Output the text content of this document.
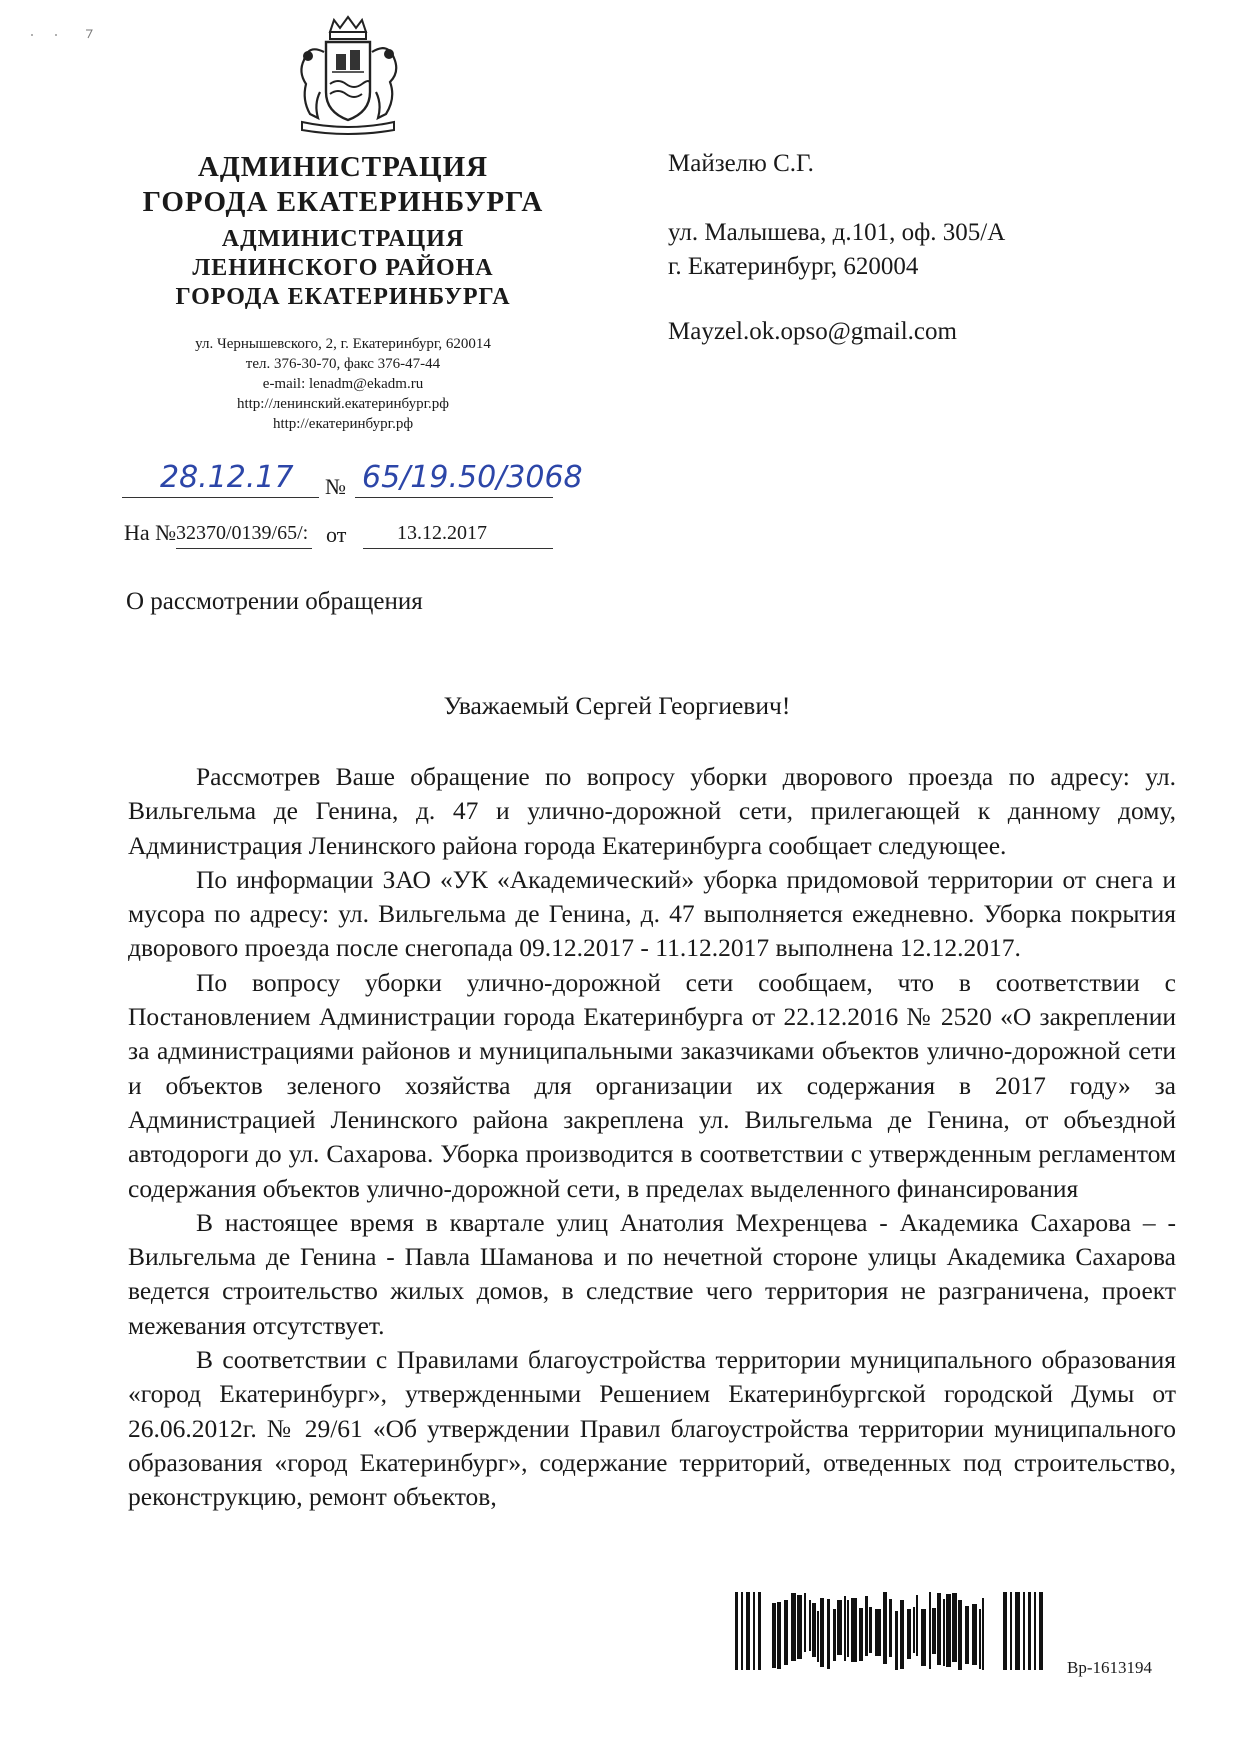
АДМИНИСТРАЦИЯ
ГОРОДА ЕКАТЕРИНБУРГА
АДМИНИСТРАЦИЯ
ЛЕНИНСКОГО РАЙОНА
ГОРОДА ЕКАТЕРИНБУРГА
ул. Чернышевского, 2, г. Екатеринбург, 620014
тел. 376-30-70, факс 376-47-44
e-mail: lenadm@ekadm.ru
http://ленинский.екатеринбург.рф
http://екатеринбург.рф
Майзелю С.Г.
ул. Малышева, д.101, оф. 305/А
г. Екатеринбург, 620004
Mayzel.ok.opso@gmail.com
28.12.17 № 65/19.50/3068
На № 32370/0139/65/: от	13.12.2017
О рассмотрении обращения
Уважаемый Сергей Георгиевич!

Рассмотрев Ваше обращение по вопросу уборки дворового проезда по адресу: ул. Вильгельма де Генина, д. 47 и улично-дорожной сети, прилегающей к данному дому, Администрация Ленинского района города Екатеринбурга сообщает следующее.

По информации ЗАО «УК «Академический» уборка придомовой территории от снега и мусора по адресу: ул. Вильгельма де Генина, д. 47 выполняется ежедневно. Уборка покрытия дворового проезда после снегопада 09.12.2017 - 11.12.2017 выполнена 12.12.2017.

По вопросу уборки улично-дорожной сети сообщаем, что в соответствии с Постановлением Администрации города Екатеринбурга от 22.12.2016 № 2520 «О закреплении за администрациями районов и муниципальными заказчиками объектов улично-дорожной сети и объектов зеленого хозяйства для организации их содержания в 2017 году» за Администрацией Ленинского района закреплена ул. Вильгельма де Генина, от объездной автодороги до ул. Сахарова. Уборка производится в соответствии с утвержденным регламентом содержания объектов улично-дорожной сети, в пределах выделенного финансирования

В настоящее время в квартале улиц Анатолия Мехренцева - Академика Сахарова – - Вильгельма де Генина - Павла Шаманова и по нечетной стороне улицы Академика Сахарова ведется строительство жилых домов, в следствие чего территория не разграничена, проект межевания отсутствует.

В соответствии с Правилами благоустройства территории муниципального образования «город Екатеринбург», утвержденными Решением Екатеринбургской городской Думы от 26.06.2012г. № 29/61 «Об утверждении Правил благоустройства территории муниципального образования «город Екатеринбург», содержание территорий, отведенных под строительство, реконструкцию, ремонт объектов,

Вр-1613194
